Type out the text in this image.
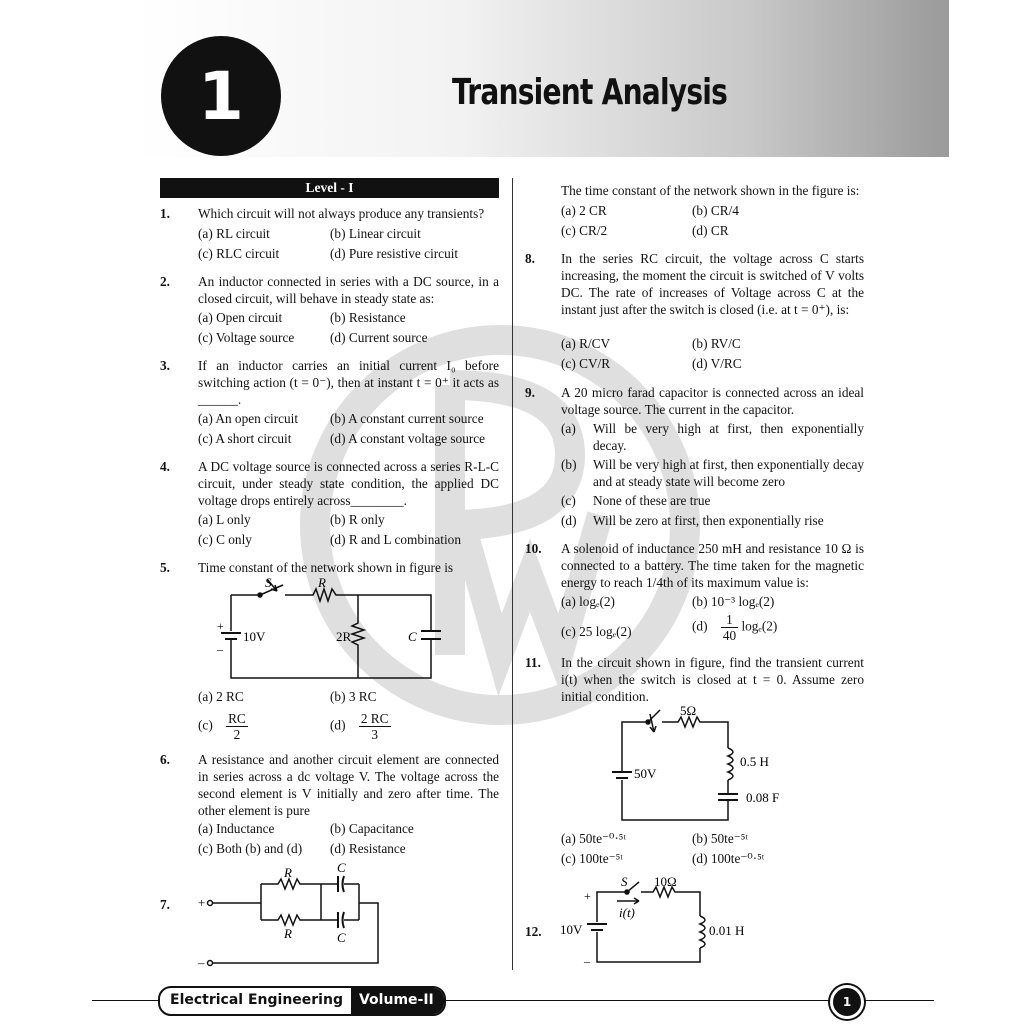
1	Transient Analysis
Level - I
1. Which circuit will not always produce any transients?
(a) RL circuit	(b) Linear circuit
(c) RLC circuit	(d) Pure resistive circuit
2. An inductor connected in series with a DC source, in a closed circuit, will behave in steady state as:
(a) Open circuit	(b) Resistance
(c) Voltage source	(d) Current source
3. If an inductor carries an initial current I₀ before switching action (t = 0⁻), then at instant t = 0⁺ it acts as ______.
(a) An open circuit (b) A constant current source
(c) A short circuit	(d) A constant voltage source
4. A DC voltage source is connected across a series R-L-C circuit, under steady state condition, the applied DC voltage drops entirely across________.
(a) L only	(b) R only
(c) C only	(d) R and L combination
5. Time constant of the network shown in figure is
S	R
+
–
10V	2R	C
(a) 2 RC	(b) 3 RC
$(c) \frac{RC}{2}$	$(d) \frac{2 RC}{3}$
6. A resistance and another circuit element are connected in series across a dc voltage V. The voltage across the second element is V initially and zero after time. The other element is pure
(a) Inductance	(b) Capacitance
(c) Both (b) and (d) (d) Resistance
7. +
–
R
R
C
C
The time constant of the network shown in the figure is:
(a) 2 CR	(b) CR/4
(c) CR/2	(d) CR
8. In the series RC circuit, the voltage across C starts increasing, the moment the circuit is switched of V volts DC. The rate of increases of Voltage across C at the instant just after the switch is closed (i.e. at t = 0⁺), is:
(a) R/CV	(b) RV/C
(c) CV/R	(d) V/RC
9. A 20 micro farad capacitor is connected across an ideal voltage source. The current in the capacitor.
(a) Will be very high at first, then exponentially decay.
(b) Will be very high at first, then exponentially decay and at steady state will become zero
(c) None of these are true
(d) Will be zero at first, then exponentially rise
10. A solenoid of inductance 250 mH and resistance 10 Ω is connected to a battery. The time taken for the magnetic energy to reach 1/4th of its maximum value is:
(a) logₑ(2)	(b) 10⁻³ logₑ(2)
(c) 25 logₑ(2)	$(d) \frac{1}{40} \log_e(2)$
11. In the circuit shown in figure, find the transient current i(t) when the switch is closed at t = 0. Assume zero initial condition.
5Ω
0.5 H
50V
0.08 F
(a) 50te⁻⁰·⁵ᵗ	(b) 50te⁻⁵ᵗ
(c) 100te⁻⁵ᵗ	(d) 100te⁻⁰·⁵ᵗ
12.
S 10Ω
i(t)
+
–
10V	0.01 H
Electrical Engineering	Volume-II	1
